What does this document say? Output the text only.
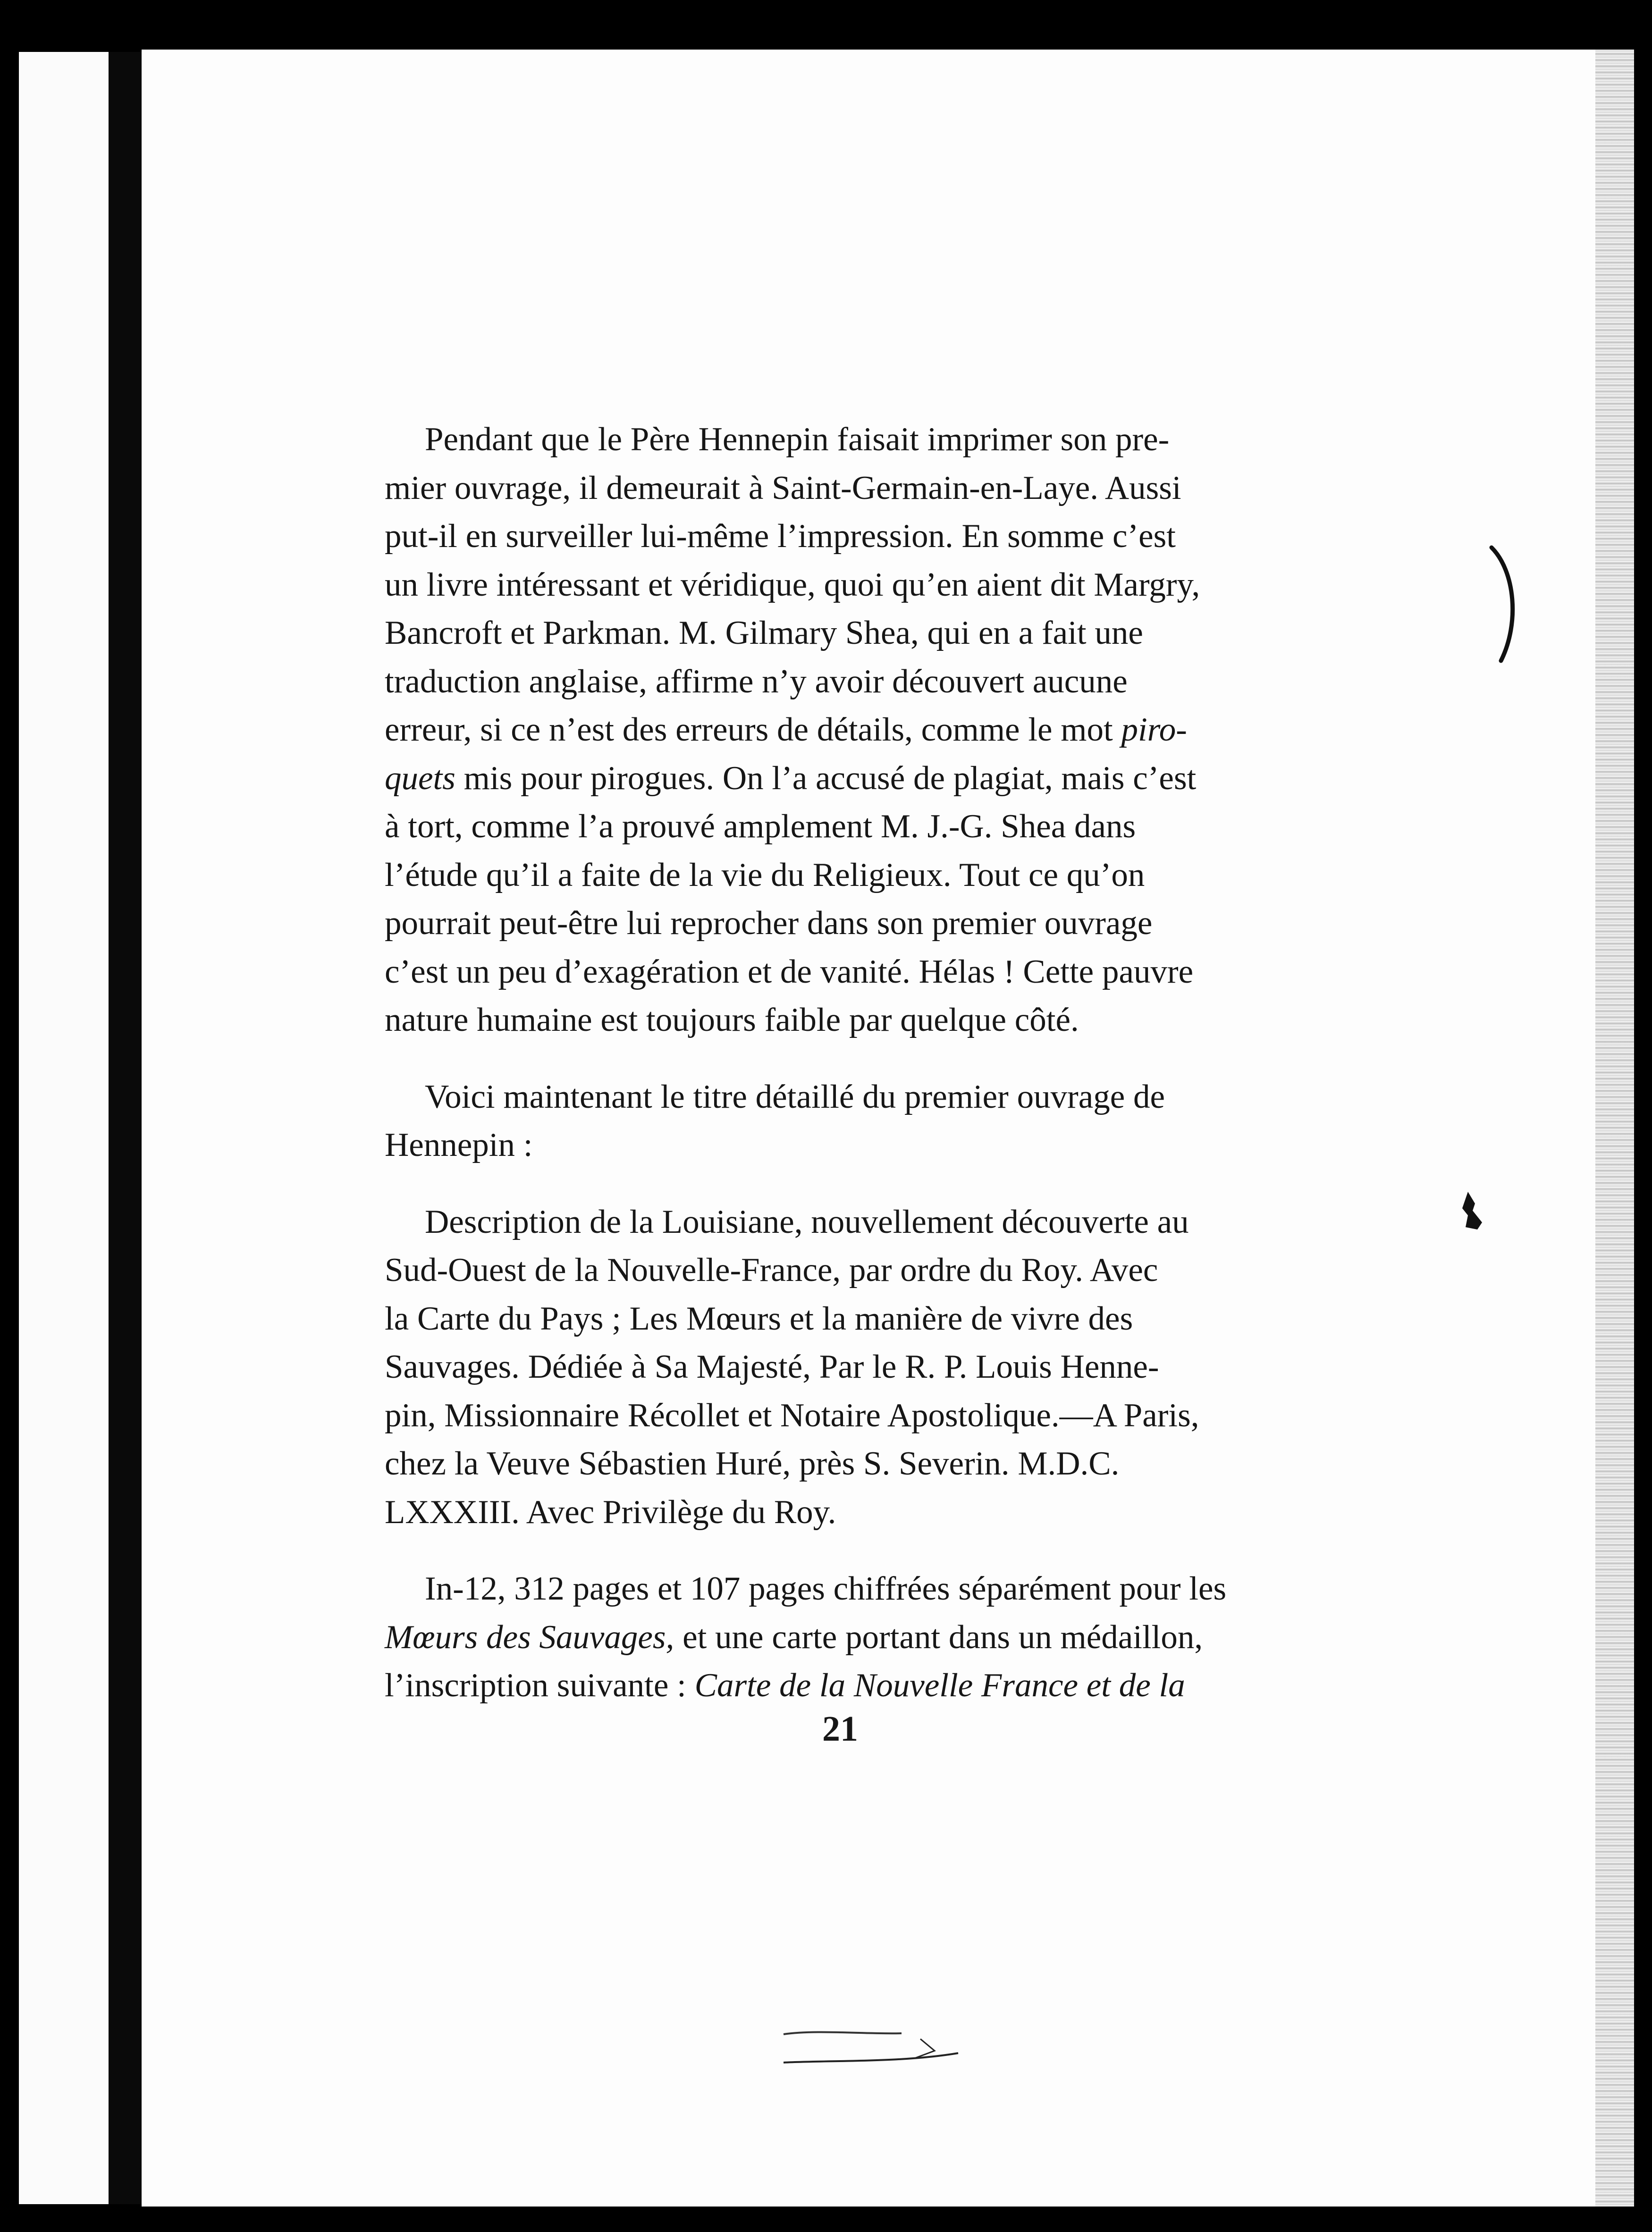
Pendant que le Père Hennepin faisait imprimer son pre-
mier ouvrage, il demeurait à Saint-Germain-en-Laye. Aussi
put-il en surveiller lui-même l’impression. En somme c’est
un livre intéressant et véridique, quoi qu’en aient dit Margry,
Bancroft et Parkman. M. Gilmary Shea, qui en a fait une
traduction anglaise, affirme n’y avoir découvert aucune
erreur, si ce n’est des erreurs de détails, comme le mot piro-
quets mis pour pirogues. On l’a accusé de plagiat, mais c’est
à tort, comme l’a prouvé amplement M. J.-G. Shea dans
l’étude qu’il a faite de la vie du Religieux. Tout ce qu’on
pourrait peut-être lui reprocher dans son premier ouvrage
c’est un peu d’exagération et de vanité. Hélas ! Cette pauvre
nature humaine est toujours faible par quelque côté.

Voici maintenant le titre détaillé du premier ouvrage de
Hennepin :

Description de la Louisiane, nouvellement découverte au
Sud-Ouest de la Nouvelle-France, par ordre du Roy. Avec
la Carte du Pays ; Les Mœurs et la manière de vivre des
Sauvages. Dédiée à Sa Majesté, Par le R. P. Louis Henne-
pin, Missionnaire Récollet et Notaire Apostolique.—A Paris,
chez la Veuve Sébastien Huré, près S. Severin. M.D.C.
LXXXIII. Avec Privilège du Roy.

In-12, 312 pages et 107 pages chiffrées séparément pour les
Mœurs des Sauvages, et une carte portant dans un médaillon,
l’inscription suivante : Carte de la Nouvelle France et de la

21
